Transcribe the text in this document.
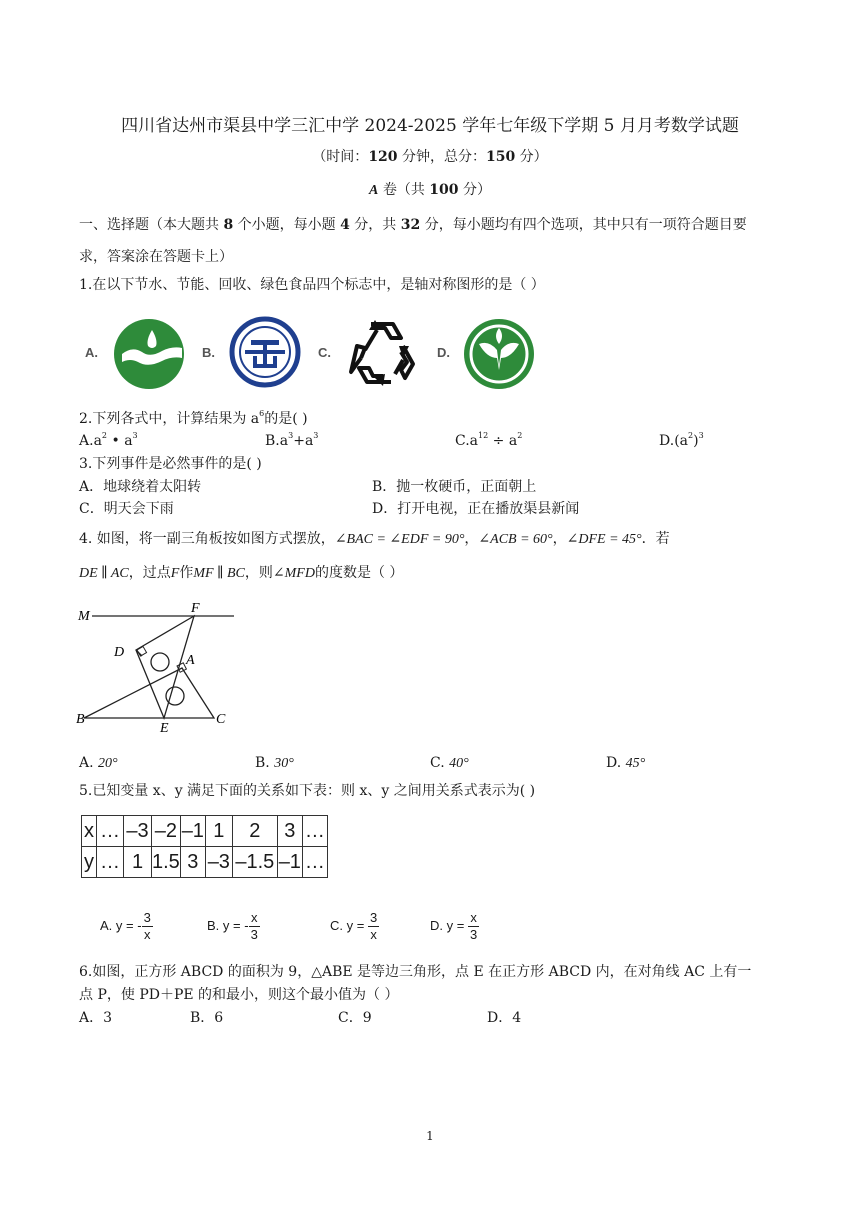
四川省达州市渠县中学三汇中学 2024-2025 学年七年级下学期 5 月月考数学试题
（时间：120 分钟，总分：150 分）
A 卷（共 100 分）
一、选择题（本大题共 8 个小题，每小题 4 分，共 32 分，每小题均有四个选项，其中只有一项符合题目要
求，答案涂在答题卡上）
1.在以下节水、节能、回收、绿色食品四个标志中，是轴对称图形的是（ ）
A.	B.	C.	D.
2.下列各式中，计算结果为 $a^6$的是( )
$A.a^2$ • $a^3$	$B.a^3+a^3$	$C.a^{12} \div a^2$	$D.(a^2)^3$
3.下列事件是必然事件的是( )
A．地球绕着太阳转	B．抛一枚硬币，正面朝上
C．明天会下雨	D．打开电视，正在播放渠县新闻
4. 如图，将一副三角板按如图方式摆放，∠BAC = ∠EDF = 90°，∠ACB = 60°，∠DFE = 45°．若
DE ∥ AC，过点F作MF ∥ BC，则∠MFD的度数是（ ）
M
F
D
A
B
E
C
A. 20°	B. 30°	C. 40°	D. 45°
5.已知变量 x、y 满足下面的关系如下表：则 x、y 之间用关系式表示为( )
x	…	–3	–2	–1	1	2	3	…
y	…	1	1.5	3	–3	–1.5	–1	…
A. y = - $\frac{3}{x}$	B. y = - $\frac{x}{3}$	C. $y = \frac{3}{x}$	D. $y = \frac{x}{3}$
6.如图，正方形 ABCD 的面积为 9，△ABE 是等边三角形，点 E 在正方形 ABCD 内，在对角线 AC 上有一
点 P，使 PD＋PE 的和最小，则这个最小值为（ ）
A．3	B．6	C．9	D．4
1
